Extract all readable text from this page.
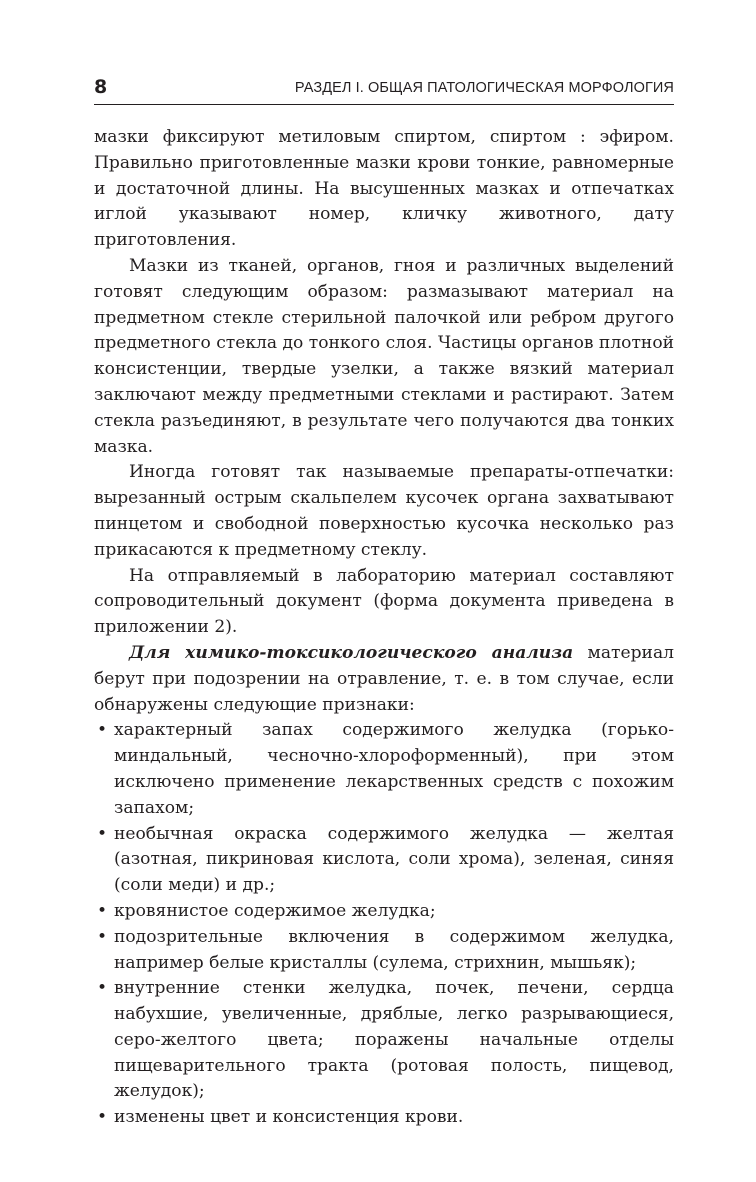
8	РАЗДЕЛ I. ОБЩАЯ ПАТОЛОГИЧЕСКАЯ МОРФОЛОГИЯ

мазки фиксируют метиловым спиртом, спиртом : эфиром. Правильно приготовленные мазки крови тонкие, равномерные и достаточной длины. На высушенных мазках и отпечатках иглой указывают номер, кличку животного, дату приготовления.

Мазки из тканей, органов, гноя и различных выделений готовят следующим образом: размазывают материал на предметном стекле стерильной палочкой или ребром другого предметного стекла до тонкого слоя. Частицы органов плотной консистенции, твердые узелки, а также вязкий материал заключают между предметными стеклами и растирают. Затем стекла разъединяют, в результате чего получаются два тонких мазка.

Иногда готовят так называемые препараты-отпечатки: вырезанный острым скальпелем кусочек органа захватывают пинцетом и свободной поверхностью кусочка несколько раз прикасаются к предметному стеклу.

На отправляемый в лабораторию материал составляют сопроводительный документ (форма документа приведена в приложении 2).

Для химико-токсикологического анализа материал берут при подозрении на отравление, т. е. в том случае, если обнаружены следующие признаки:

• характерный запах содержимого желудка (горько-миндальный, чесночно-хлороформенный), при этом исключено применение лекарственных средств с похожим запахом;
• необычная окраска содержимого желудка — желтая (азотная, пикриновая кислота, соли хрома), зеленая, синяя (соли меди) и др.;
• кровянистое содержимое желудка;
• подозрительные включения в содержимом желудка, например белые кристаллы (сулема, стрихнин, мышьяк);
• внутренние стенки желудка, почек, печени, сердца набухшие, увеличенные, дряблые, легко разрывающиеся, серо-желтого цвета; поражены начальные отделы пищеварительного тракта (ротовая полость, пищевод, желудок);
• изменены цвет и консистенция крови.
